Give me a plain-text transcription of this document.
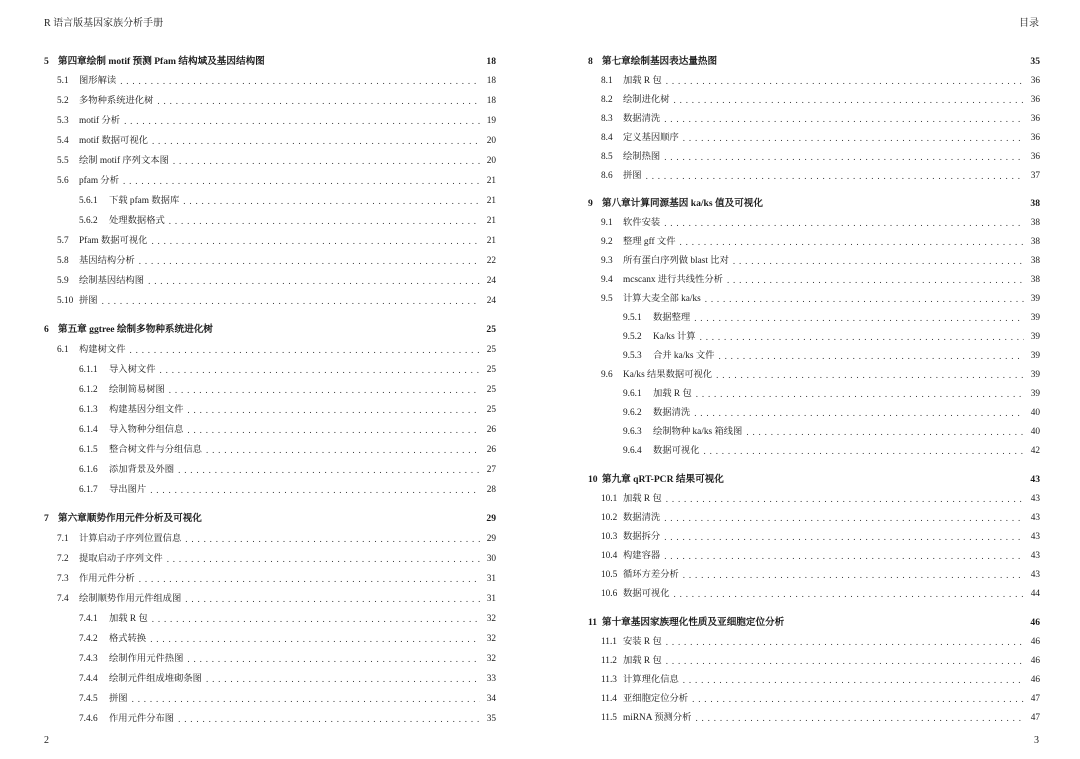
R 语言版基因家族分析手册	目录
5 第四章绘制 motif 预测 Pfam 结构域及基因结构图	18
5.1	图形解读 . . .	18
5.2	多物种系统进化树 . . .	18
5.3	motif 分析 . . .	19
5.4	motif 数据可视化 . . .	20
5.5	绘制 motif 序列文本图 . . .	20
5.6	pfam 分析 . . .	21
5.6.1	下载 pfam 数据库 . . .	21
5.6.2	处理数据格式 . . .	21
5.7	Pfam 数据可视化 . . .	21
5.8	基因结构分析 . . .	22
5.9	绘制基因结构图 . . .	24
5.10 拼图 . . .	24
6 第五章 ggtree 绘制多物种系统进化树	25
6.1	构建树文件 . . .	25
6.1.1	导入树文件 . . .	25
6.1.2	绘制简易树图 . . .	25
6.1.3	构建基因分组文件 . . .	25
6.1.4	导入物种分组信息 . . .	26
6.1.5	整合树文件与分组信息 . . .	26
6.1.6	添加背景及外圈 . . .	27
6.1.7	导出图片 . . .	28
7 第六章顺势作用元件分析及可视化	29
7.1	计算启动子序列位置信息 . . .	29
7.2	提取启动子序列文件 . . .	30
7.3	作用元件分析 . . .	31
7.4	绘制顺势作用元件组成图 . . .	31
7.4.1	加载 R 包 . . .	32
7.4.2	格式转换 . . .	32
7.4.3	绘制作用元件热图 . . .	32
7.4.4	绘制元件组成堆砌条图 . . .	33
7.4.5	拼图 . . .	34
7.4.6	作用元件分布图 . . .	35
8 第七章绘制基因表达量热图	35
8.1	加载 R 包 . . .	36
8.2	绘制进化树 . . .	36
8.3	数据清洗 . . .	36
8.4	定义基因顺序 . . .	36
8.5	绘制热图 . . .	36
8.6	拼图 . . .	37
9 第八章计算同源基因 ka/ks 值及可视化	38
9.1	软件安装 . . .	38
9.2	整理 gff 文件 . . .	38
9.3	所有蛋白序列做 blast 比对 . . .	38
9.4	mcscanx 进行共线性分析 . . .	38
9.5	计算大麦全部 ka/ks . . .	39
9.5.1	数据整理 . . .	39
9.5.2	Ka/ks 计算 . . .	39
9.5.3	合并 ka/ks 文件 . . .	39
9.6	Ka/ks 结果数据可视化 . . .	39
9.6.1	加载 R 包 . . .	39
9.6.2	数据清洗 . . .	40
9.6.3	绘制物种 ka/ks 箱线图 . . .	40
9.6.4	数据可视化 . . .	42
10 第九章 qRT-PCR 结果可视化	43
10.1 加载 R 包 . . .	43
10.2 数据清洗 . . .	43
10.3 数据拆分 . . .	43
10.4 构建容器 . . .	43
10.5 循环方差分析 . . .	43
10.6 数据可视化 . . .	44
11 第十章基因家族理化性质及亚细胞定位分析	46
11.1 安装 R 包 . . .	46
11.2 加载 R 包 . . .	46
11.3 计算理化信息 . . .	46
11.4 亚细胞定位分析 . . .	47
11.5 miRNA 预测分析 . . .	47
2	3
